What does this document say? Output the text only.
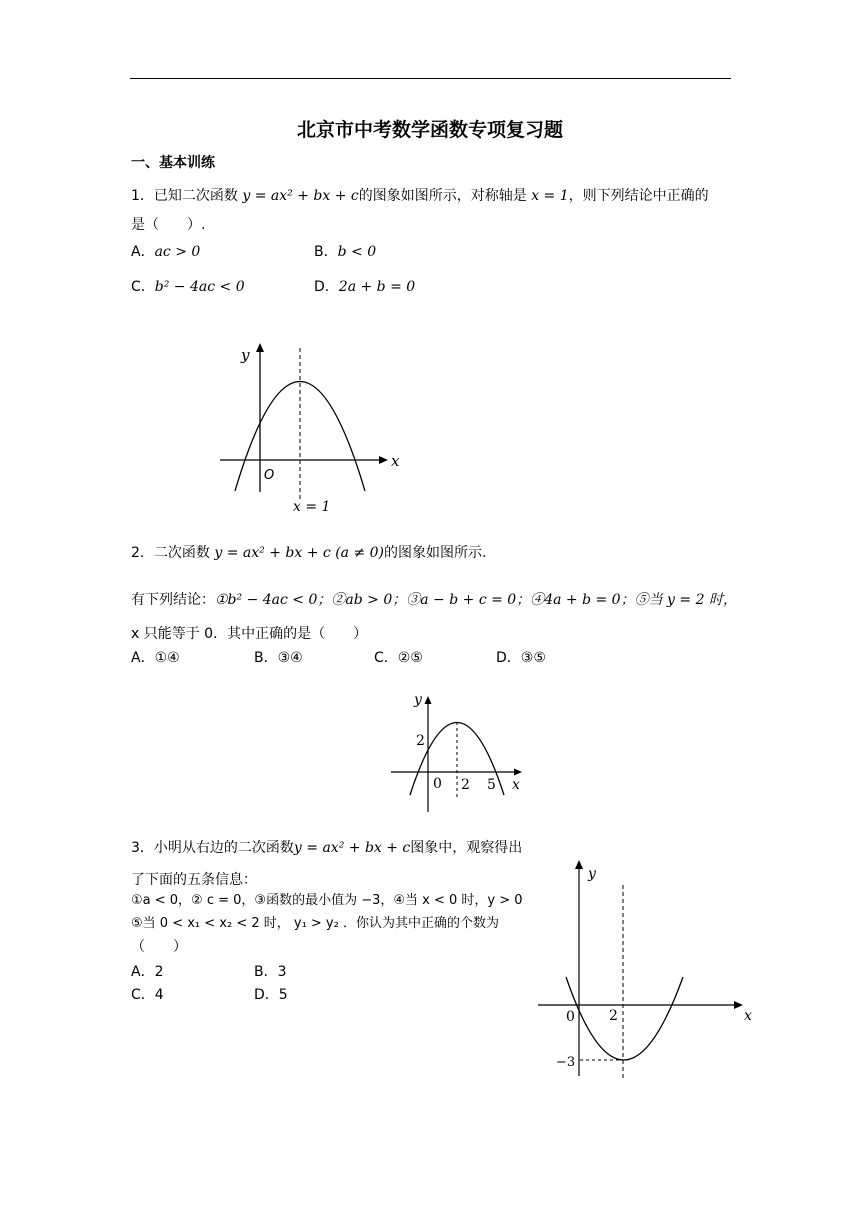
北京市中考数学函数专项复习题
一、基本训练
1．已知二次函数 y = ax² + bx + c的图象如图所示，对称轴是 x = 1，则下列结论中正确的
是（　　）.
A．ac > 0	B．b < 0
C．b² − 4ac < 0	D．2a + b = 0
y
x
O
x = 1
2．二次函数 y = ax² + bx + c (a ≠ 0)的图象如图所示.
有下列结论：①b² − 4ac < 0；②ab > 0；③a − b + c = 0；④4a + b = 0；⑤当 y = 2 时，
x 只能等于 0．其中正确的是（　　）
A．①④	B．③④	C．②⑤	D．③⑤
y
x
2
0 2 5
3．小明从右边的二次函数y = ax² + bx + c图象中，观察得出
了下面的五条信息：
①a < 0，② c = 0，③函数的最小值为 −3，④当 x < 0 时，y > 0
⑤当 0 < x₁ < x₂ < 2 时， y₁ > y₂ ．你认为其中正确的个数为
（　　）
A．2	B．3
C．4	D．5
y
x
0 2
−3
